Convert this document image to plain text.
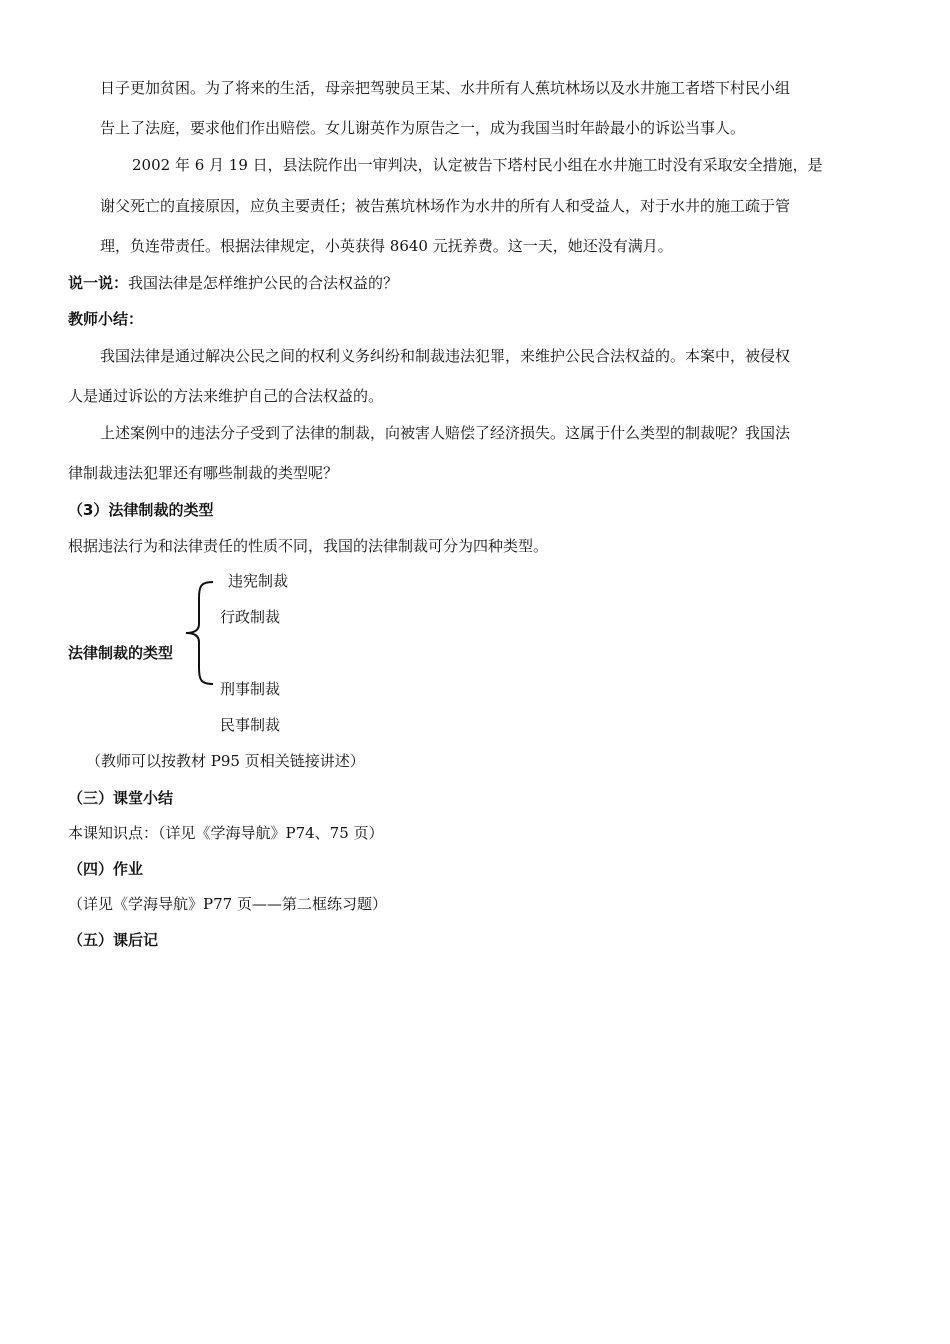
日子更加贫困。为了将来的生活，母亲把驾驶员王某、水井所有人蕉坑林场以及水井施工者塔下村民小组
告上了法庭，要求他们作出赔偿。女儿谢英作为原告之一，成为我国当时年龄最小的诉讼当事人。
2002 年 6 月 19 日，县法院作出一审判决，认定被告下塔村民小组在水井施工时没有采取安全措施，是
谢父死亡的直接原因，应负主要责任；被告蕉坑林场作为水井的所有人和受益人，对于水井的施工疏于管
理，负连带责任。根据法律规定，小英获得 8640 元抚养费。这一天，她还没有满月。
说一说：我国法律是怎样维护公民的合法权益的？
教师小结：
我国法律是通过解决公民之间的权利义务纠纷和制裁违法犯罪，来维护公民合法权益的。本案中，被侵权
人是通过诉讼的方法来维护自己的合法权益的。
上述案例中的违法分子受到了法律的制裁，向被害人赔偿了经济损失。这属于什么类型的制裁呢？我国法
律制裁违法犯罪还有哪些制裁的类型呢？
（3）法律制裁的类型
根据违法行为和法律责任的性质不同，我国的法律制裁可分为四种类型。
法律制裁的类型
违宪制裁
行政制裁
刑事制裁
民事制裁
（教师可以按教材 P95 页相关链接讲述）
（三）课堂小结
本课知识点：（详见《学海导航》P74、75 页）
（四）作业
（详见《学海导航》P77 页——第二框练习题）
（五）课后记
